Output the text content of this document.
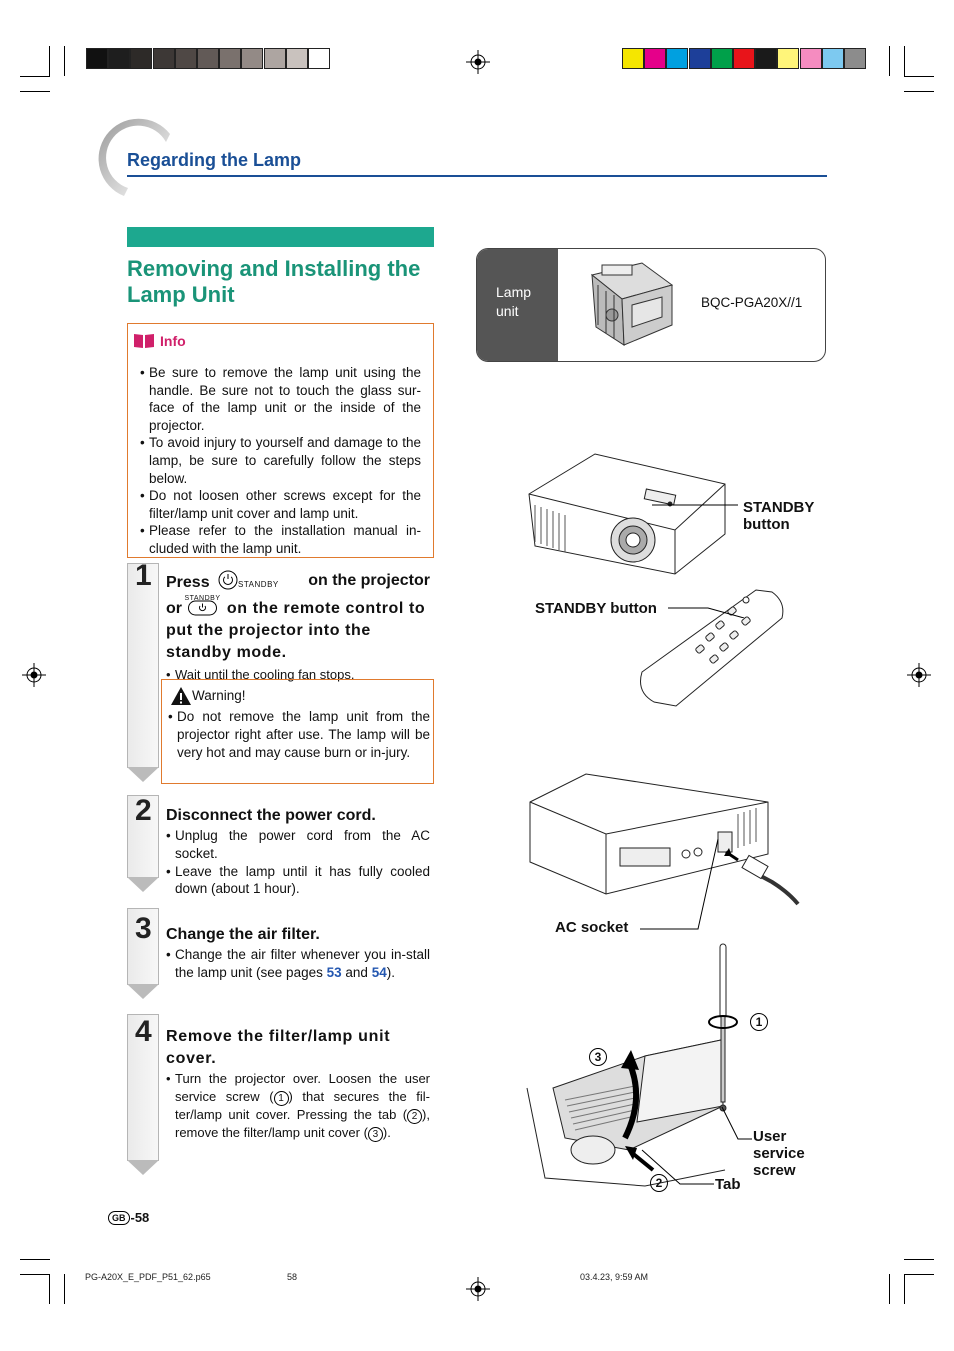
Regarding the Lamp
Removing and Installing the Lamp Unit

• Be sure to remove the lamp unit using the handle. Be sure not to touch the glass sur-face of the lamp unit or the inside of the projector.

• To avoid injury to yourself and damage to the lamp, be sure to carefully follow the steps below.

• Do not loosen other screws except for the filter/lamp unit cover and lamp unit.

• Please refer to the installation manual in-cluded with the lamp unit.

Info
1 Press	STANDBY on the projector
or
STANDBY
on the remote control to put the projector into the standby mode.

• Wait until the cooling fan stops.

Warning!

• Do not remove the lamp unit from the projector right after use. The lamp will be very hot and may cause burn or in-jury.

2 Disconnect the power cord.

• Unplug the power cord from the AC socket.

• Leave the lamp until it has fully cooled down (about 1 hour).

3 Change the air filter.

• Change the air filter whenever you in-stall the lamp unit (see pages 53 and 54).

4 Remove the filter/lamp unit cover.

• Turn the projector over. Loosen the user service screw ( 1 ) that secures the fil-ter/lamp unit cover. Pressing the tab ( 2 ), remove the filter/lamp unit cover ( 3 ).

Lamp
unit
BQC-PGA20X//1
STANDBY
button
STANDBY button
AC socket
1
3
2
User
service
screw
Tab
GB -58
PG-A20X_E_PDF_P51_62.p65	58	03.4.23, 9:59 AM
